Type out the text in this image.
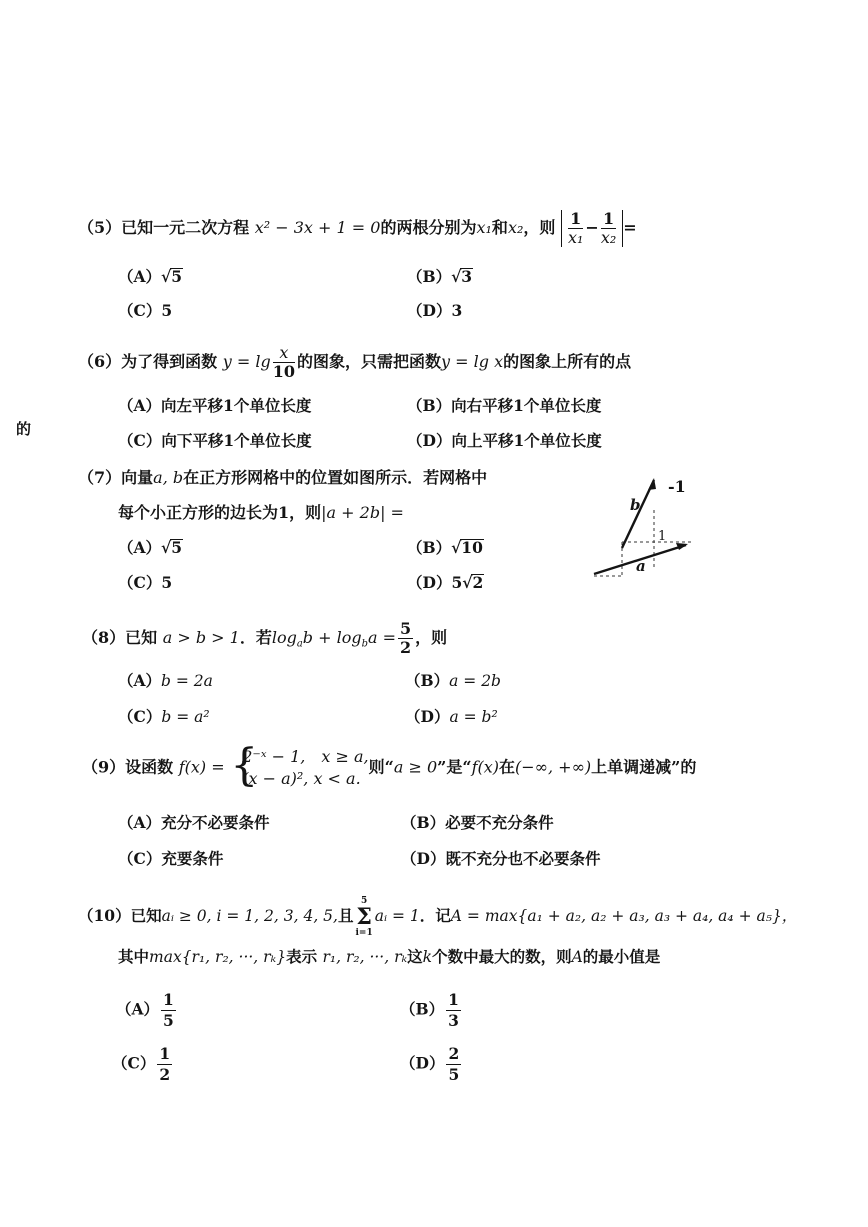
的
（5）已知一元二次方程 x² − 3x + 1 = 0的两根分别为x₁和x₂，则 $\frac{1}{\text{x₁}} - \frac{1}{\text{x₂}}$ =
（A）√5	（B）√3
（C）5	（D）3
（6）为了得到函数 $y = \lg \frac{x}{10}$ 的图象，只需把函数y = lg x的图象上所有的点
（A）向左平移1个单位长度	（B）向右平移1个单位长度
（C）向下平移1个单位长度	（D）向上平移1个单位长度
（7）向量a, b在正方形网格中的位置如图所示．若网格中
每个小正方形的边长为1，则|a + 2b| =
（A）√5	（B）√10
（C）5	（D）5√2
b
a
1
-1
（8）已知 a > b > 1．若$\log_ab + \log_ba = \frac{5}{2}$ ，则
（A）b = 2a	（B）a = 2b
（C）b = a²	（D）a = b²
（9）设函数 f(x) = {
2⁻ˣ − 1,　x ≥ a,
(x − a)², x < a.
则“a ≥ 0”是“f(x)在(−∞, +∞)上单调递减”的
（A）充分不必要条件	（B）必要不充分条件
（C）充要条件	（D）既不充分也不必要条件
（10）已知aᵢ ≥ 0, i = 1, 2, 3, 4, 5,且5
Σ
i=1aᵢ = 1．记A = max{a₁ + a₂, a₂ + a₃, a₃ + a₄, a₄ + a₅}，
其中max{r₁, r₂, ···, rₖ}表示 r₁, r₂, ···, rₖ这k个数中最大的数，则A的最小值是
$(A) \frac{1}{5}$	$(B) \frac{1}{3}$
$(C) \frac{1}{2}$	$(D) \frac{2}{5}$
